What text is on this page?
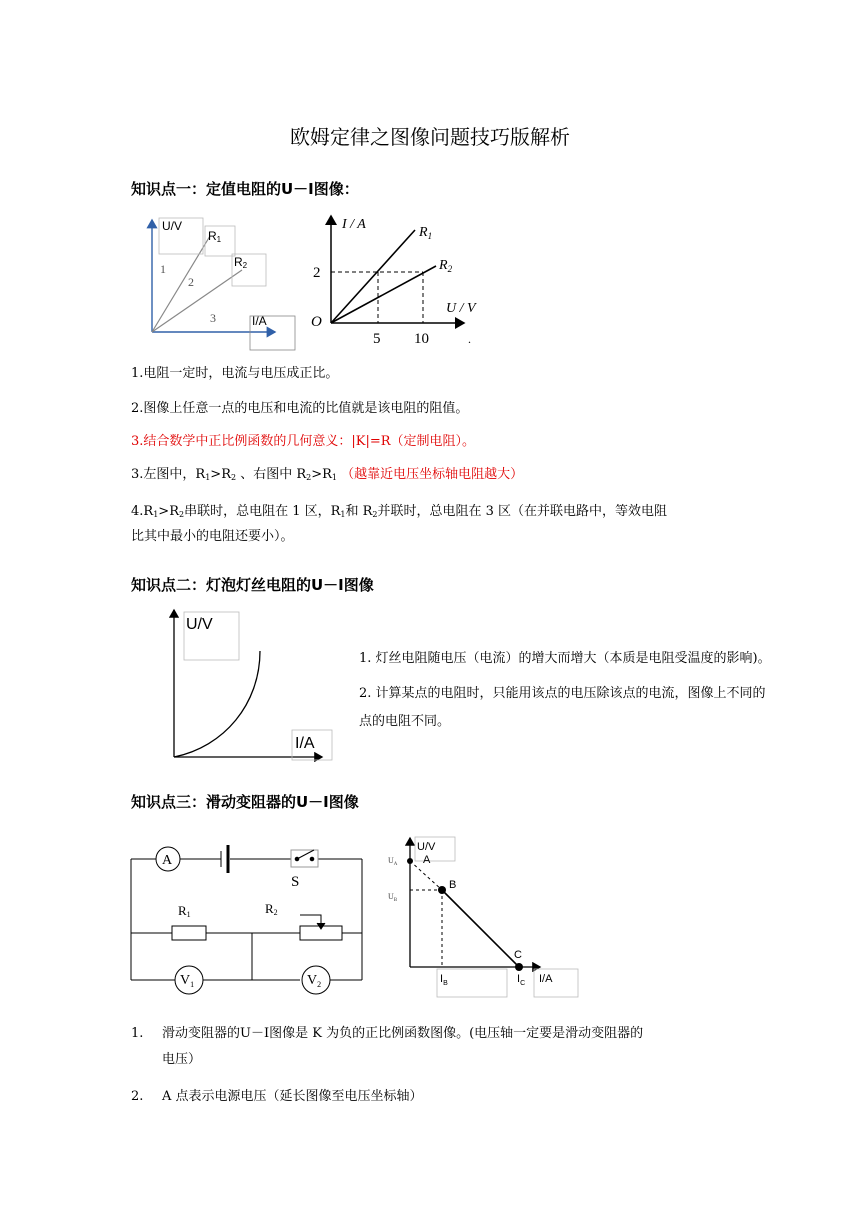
欧姆定律之图像问题技巧版解析
知识点一：定值电阻的U－I图像：
U/V
R1
R2
1
2
3	I/A
I / A
$R_1$
$R_2$
2
O
U / V
5 10	.
1.电阻一定时，电流与电压成正比。
2.图像上任意一点的电压和电流的比值就是该电阻的阻值。
3.结合数学中正比例函数的几何意义：|K|=R（定制电阻）。
3.左图中，$R_1>R_2$ 、右图中 $R_2>R_1$ （越靠近电压坐标轴电阻越大）
$4.R_1>R_2$串联时，总电阻在 1 区，$R_1$和 $R_2$并联时，总电阻在 3 区（在并联电路中，等效电阻
比其中最小的电阻还要小）。
知识点二：灯泡灯丝电阻的U－Ⅰ图像
U/V
I/A
1. 灯丝电阻随电压（电流）的增大而增大（本质是电阻受温度的影响)。
2. 计算某点的电阻时，只能用该点的电压除该点的电流，图像上不同的
点的电阻不同。
知识点三：滑动变阻器的U－Ⅰ图像
A
S
R1	R2
$V_1$	$V_2$
U/V
$U_A$
$U_B$
A
B
C
$I_B$	$I_C$ I/A
1. 滑动变阻器的U－Ⅰ图像是 K 为负的正比例函数图像。(电压轴一定要是滑动变阻器的
电压）
2. A 点表示电源电压（延长图像至电压坐标轴）
